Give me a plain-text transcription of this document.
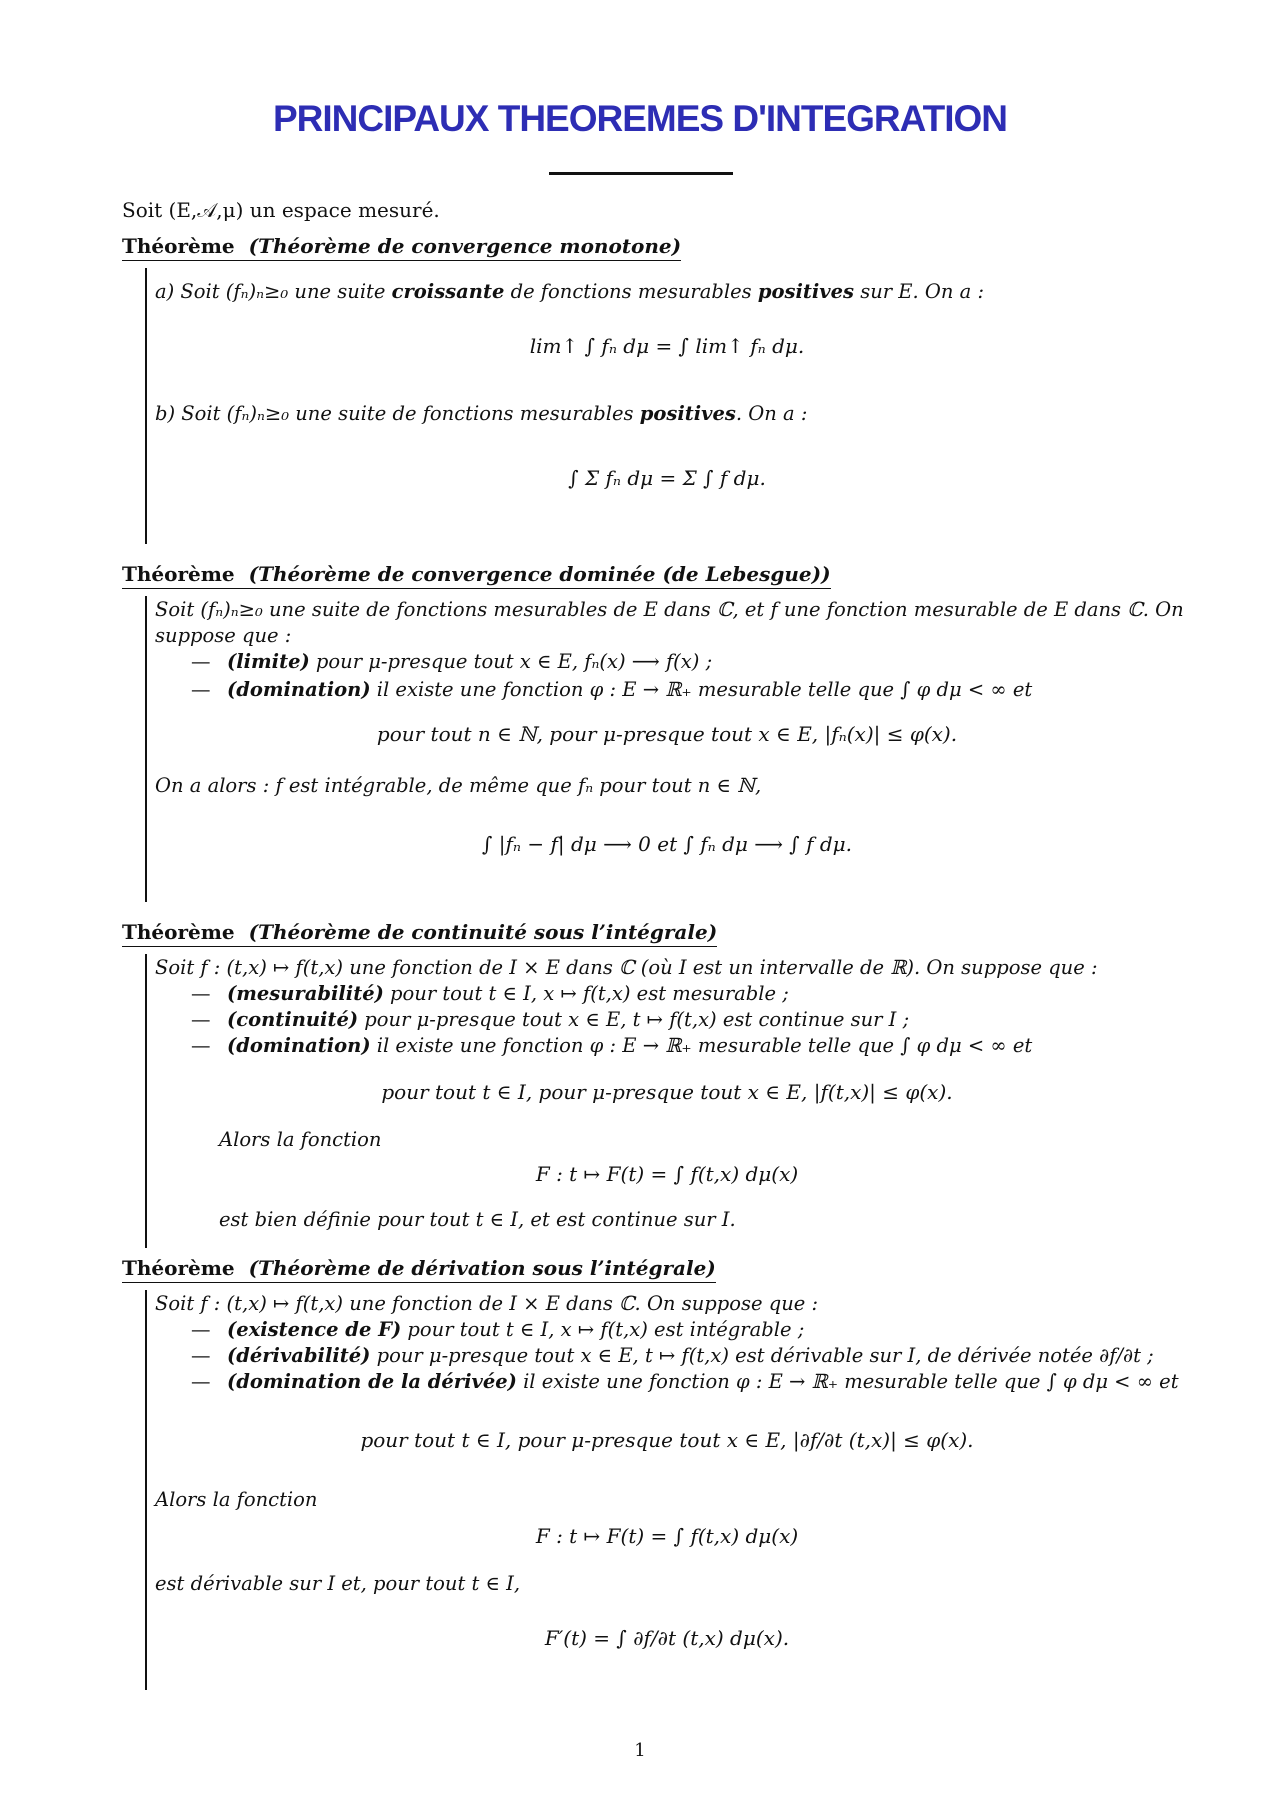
PRINCIPAUX THEOREMES D'INTEGRATION
Soit (E,𝒜,μ) un espace mesuré.
Théorème (Théorème de convergence monotone)
a) Soit (fₙ)ₙ≥₀ une suite croissante de fonctions mesurables positives sur E. On a :
lim↑ ∫ fₙ dμ = ∫ lim↑ fₙ dμ.
b) Soit (fₙ)ₙ≥₀ une suite de fonctions mesurables positives. On a :
∫ Σ fₙ dμ = Σ ∫ f dμ.
Théorème (Théorème de convergence dominée (de Lebesgue))
Soit (fₙ)ₙ≥₀ une suite de fonctions mesurables de E dans ℂ, et f une fonction mesurable de E dans ℂ. On
suppose que :
— (limite) pour μ-presque tout x ∈ E, fₙ(x) ⟶ f(x) ;
— (domination) il existe une fonction φ : E → ℝ₊ mesurable telle que ∫ φ dμ < ∞ et
pour tout n ∈ ℕ, pour μ-presque tout x ∈ E, |fₙ(x)| ≤ φ(x).
On a alors : f est intégrable, de même que fₙ pour tout n ∈ ℕ,
∫ |fₙ − f| dμ ⟶ 0 et ∫ fₙ dμ ⟶ ∫ f dμ.
Théorème (Théorème de continuité sous l’intégrale)
Soit f : (t,x) ↦ f(t,x) une fonction de I × E dans ℂ (où I est un intervalle de ℝ). On suppose que :
— (mesurabilité) pour tout t ∈ I, x ↦ f(t,x) est mesurable ;
— (continuité) pour μ-presque tout x ∈ E, t ↦ f(t,x) est continue sur I ;
— (domination) il existe une fonction φ : E → ℝ₊ mesurable telle que ∫ φ dμ < ∞ et
pour tout t ∈ I, pour μ-presque tout x ∈ E, |f(t,x)| ≤ φ(x).
Alors la fonction
F : t ↦ F(t) = ∫ f(t,x) dμ(x)
est bien définie pour tout t ∈ I, et est continue sur I.
Théorème (Théorème de dérivation sous l’intégrale)
Soit f : (t,x) ↦ f(t,x) une fonction de I × E dans ℂ. On suppose que :
— (existence de F) pour tout t ∈ I, x ↦ f(t,x) est intégrable ;
— (dérivabilité) pour μ-presque tout x ∈ E, t ↦ f(t,x) est dérivable sur I, de dérivée notée ∂f/∂t ;
— (domination de la dérivée) il existe une fonction φ : E → ℝ₊ mesurable telle que ∫ φ dμ < ∞ et
pour tout t ∈ I, pour μ-presque tout x ∈ E, |∂f/∂t (t,x)| ≤ φ(x).
Alors la fonction
F : t ↦ F(t) = ∫ f(t,x) dμ(x)
est dérivable sur I et, pour tout t ∈ I,
F′(t) = ∫ ∂f/∂t (t,x) dμ(x).
1
